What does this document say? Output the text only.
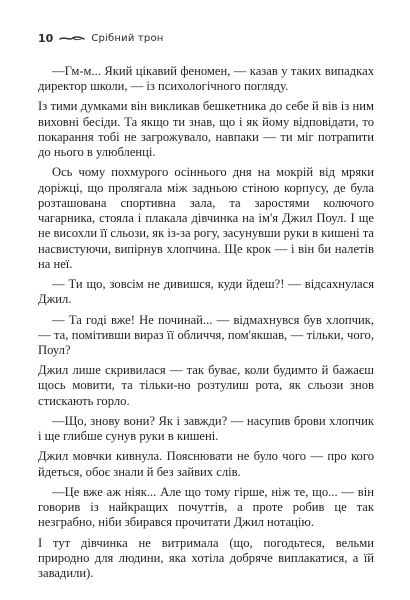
10	Срібний трон

—Гм-м... Який цікавий феномен, — казав у таких випадках директор школи, — із психологічного погляду.

Із тими думками він викликав бешкетника до себе й вів із ним виховні бесіди. Та якщо ти знав, що і як йому відповідати, то покарання тобі не загрожувало, навпаки — ти міг потрапити до нього в улюбленці.

Ось чому похмурого осіннього дня на мокрій від мряки доріжці, що пролягала між задньою стіною корпусу, де була розташована спортивна зала, та заростями колючого чагарника, стояла і плакала дівчинка на ім'я Джил Поул. І ще не висохли її сльози, як із-за рогу, засунувши руки в кишені та насвистуючи, випірнув хлопчина. Ще крок — і він би налетів на неї.

— Ти що, зовсім не дивишся, куди йдеш?! — відсахнулася Джил.

— Та годі вже! Не починай... — відмахнувся був хлопчик, — та, помітивши вираз її обличчя, пом'якшав, — тільки, чого, Поул?

Джил лише скривилася — так буває, коли будимто й бажаєш щось мовити, та тільки-но розтулиш рота, як сльози знов стискають горло.

—Що, знову вони? Як і завжди? — насупив брови хлопчик і ще глибше сунув руки в кишені.

Джил мовчки кивнула. Пояснювати не було чого — про кого йдеться, обоє знали й без зайвих слів.

—Це вже аж ніяк... Але що тому гірше, ніж те, що... — він говорив із найкращих почуттів, а проте робив це так незграбно, ніби збирався прочитати Джил нотацію.

І тут дівчинка не витримала (що, погодьтеся, вельми природно для людини, яка хотіла добряче виплакатися, а їй завадили).
